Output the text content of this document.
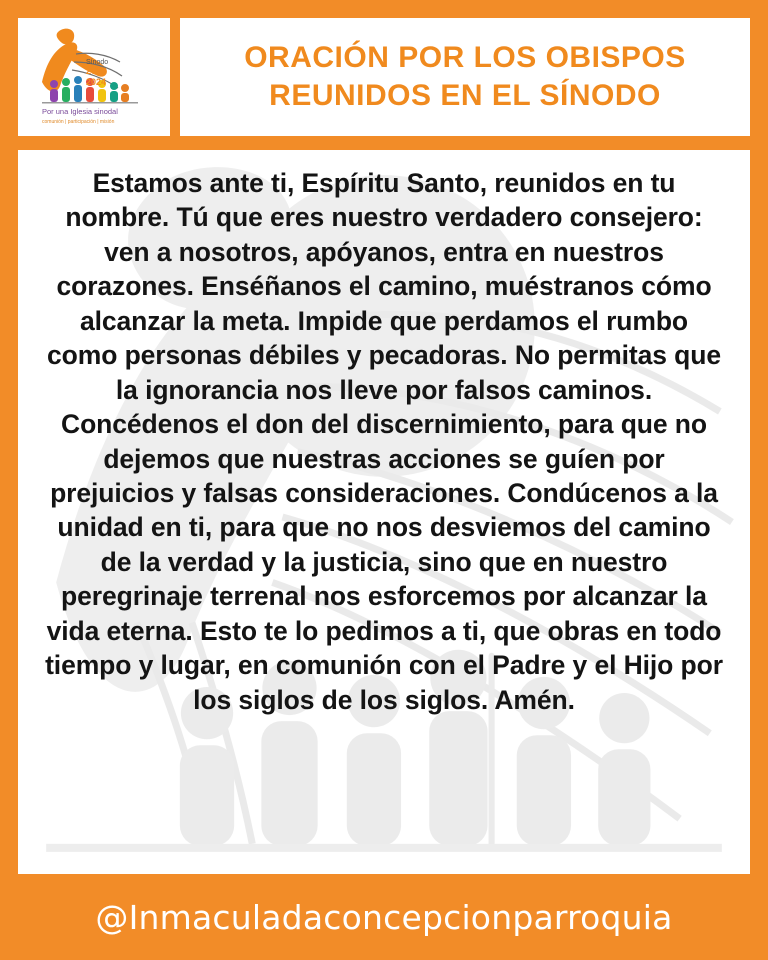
Sínodo
2021
2024
Por una Iglesia sinodal
comunión | participación | misión
ORACIÓN POR LOS OBISPOS
REUNIDOS EN EL SÍNODO
Estamos ante ti, Espíritu Santo, reunidos en tu nombre. Tú que eres nuestro verdadero consejero: ven a nosotros, apóyanos, entra en nuestros corazones. Enséñanos el camino, muéstranos cómo alcanzar la meta. Impide que perdamos el rumbo como personas débiles y pecadoras. No permitas que la ignorancia nos lleve por falsos caminos. Concédenos el don del discernimiento, para que no dejemos que nuestras acciones se guíen por prejuicios y falsas consideraciones. Condúcenos a la unidad en ti, para que no nos desviemos del camino de la verdad y la justicia, sino que en nuestro peregrinaje terrenal nos esforcemos por alcanzar la vida eterna. Esto te lo pedimos a ti, que obras en todo tiempo y lugar, en comunión con el Padre y el Hijo por los siglos de los siglos. Amén.
@Inmaculadaconcepcionparroquia
